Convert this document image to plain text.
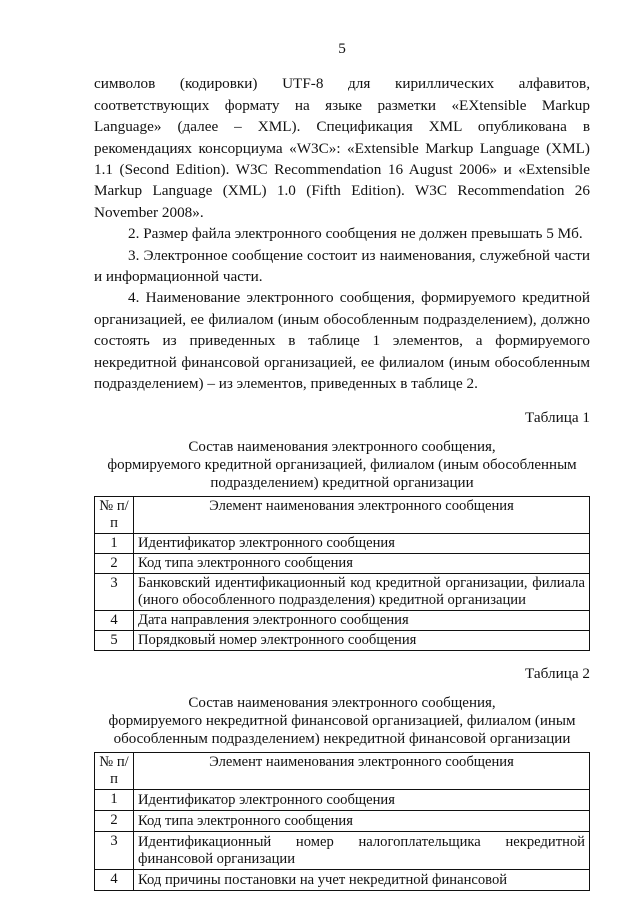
5

символов (кодировки) UTF-8 для кириллических алфавитов, соответствующих формату на языке разметки «EXtensible Markup Language» (далее – XML). Спецификация XML опубликована в рекомендациях консорциума «W3C»: «Extensible Markup Language (XML) 1.1 (Second Edition). W3C Recommendation 16 August 2006» и «Extensible Markup Language (XML) 1.0 (Fifth Edition). W3C Recommendation 26 November 2008».

2. Размер файла электронного сообщения не должен превышать 5 Мб.

3. Электронное сообщение состоит из наименования, служебной части и информационной части.

4. Наименование электронного сообщения, формируемого кредитной организацией, ее филиалом (иным обособленным подразделением), должно состоять из приведенных в таблице 1 элементов, а формируемого некредитной финансовой организацией, ее филиалом (иным обособленным подразделением) – из элементов, приведенных в таблице 2.

Таблица 1
Состав наименования электронного сообщения,
формируемого кредитной организацией, филиалом (иным обособленным
подразделением) кредитной организации
№ п/п	Элемент наименования электронного сообщения
1	Идентификатор электронного сообщения
2	Код типа электронного сообщения
3	Банковский идентификационный код кредитной организации, филиала (иного обособленного подразделения) кредитной организации
4	Дата направления электронного сообщения
5	Порядковый номер электронного сообщения
Таблица 2
Состав наименования электронного сообщения,
формируемого некредитной финансовой организацией, филиалом (иным
обособленным подразделением) некредитной финансовой организации
№ п/п	Элемент наименования электронного сообщения
1	Идентификатор электронного сообщения
2	Код типа электронного сообщения
3	Идентификационный номер налогоплательщика некредитной финансовой организации
4	Код причины постановки на учет некредитной финансовой
